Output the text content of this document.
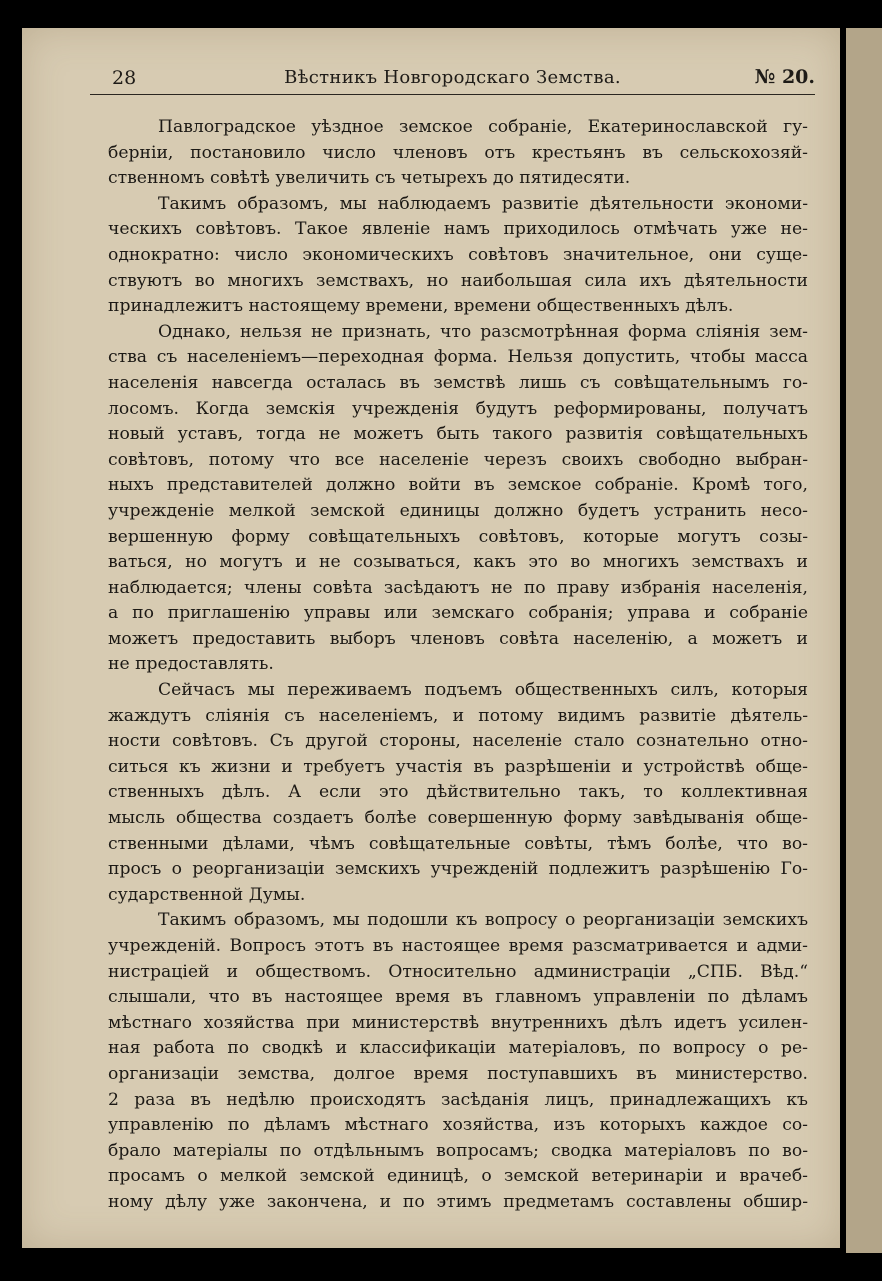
28	Вѣстникъ Новгородскаго Земства.	№ 20.
Павлоградское уѣздное земское собраніе, Екатеринославской гу-
берніи, постановило число членовъ отъ крестьянъ въ сельскохозяй-
ственномъ совѣтѣ увеличить съ четырехъ до пятидесяти.
Такимъ образомъ, мы наблюдаемъ развитіе дѣятельности экономи-
ческихъ совѣтовъ. Такое явленіе намъ приходилось отмѣчать уже не-
однократно: число экономическихъ совѣтовъ значительное, они суще-
ствуютъ во многихъ земствахъ, но наибольшая сила ихъ дѣятельности
принадлежитъ настоящему времени, времени общественныхъ дѣлъ.
Однако, нельзя не признать, что разсмотрѣнная форма слiянія зем-
ства съ населеніемъ—переходная форма. Нельзя допустить, чтобы масса
населенія навсегда осталась въ земствѣ лишь съ совѣщательнымъ го-
лосомъ. Когда земскія учрежденія будутъ реформированы, получатъ
новый уставъ, тогда не можетъ быть такого развитія совѣщательныхъ
совѣтовъ, потому что все населеніе черезъ своихъ свободно выбран-
ныхъ представителей должно войти въ земское собраніе. Кромѣ того,
учрежденіе мелкой земской единицы должно будетъ устранить несо-
вершенную форму совѣщательныхъ совѣтовъ, которые могутъ созы-
ваться, но могутъ и не созываться, какъ это во многихъ земствахъ и
наблюдается; члены совѣта засѣдаютъ не по праву избранія населенія,
а по приглашенію управы или земскаго собранія; управа и собраніе
можетъ предоставить выборъ членовъ совѣта населенію, а можетъ и
не предоставлять.
Сейчасъ мы переживаемъ подъемъ общественныхъ силъ, которыя
жаждутъ слiянія съ населеніемъ, и потому видимъ развитіе дѣятель-
ности совѣтовъ. Съ другой стороны, населеніе стало сознательно отно-
ситься къ жизни и требуетъ участія въ разрѣшеніи и устройствѣ обще-
ственныхъ дѣлъ. А если это дѣйствительно такъ, то коллективная
мысль общества создаетъ болѣе совершенную форму завѣдыванія обще-
ственными дѣлами, чѣмъ совѣщательные совѣты, тѣмъ болѣе, что во-
просъ о реорганизаціи земскихъ учрежденій подлежитъ разрѣшенію Го-
сударственной Думы.
Такимъ образомъ, мы подошли къ вопросу о реорганизаціи земскихъ
учрежденій. Вопросъ этотъ въ настоящее время разсматривается и адми-
нистраціей и обществомъ. Относительно администраціи „СПБ. Вѣд.“
слышали, что въ настоящее время въ главномъ управленіи по дѣламъ
мѣстнаго хозяйства при министерствѣ внутреннихъ дѣлъ идетъ усилен-
ная работа по сводкѣ и классификаціи матеріаловъ, по вопросу о ре-
организаціи земства, долгое время поступавшихъ въ министерство.
2 раза въ недѣлю происходятъ засѣданія лицъ, принадлежащихъ къ
управленію по дѣламъ мѣстнаго хозяйства, изъ которыхъ каждое со-
брало матеріалы по отдѣльнымъ вопросамъ; сводка матеріаловъ по во-
просамъ о мелкой земской единицѣ, о земской ветеринаріи и врачеб-
ному дѣлу уже закончена, и по этимъ предметамъ составлены обшир-
